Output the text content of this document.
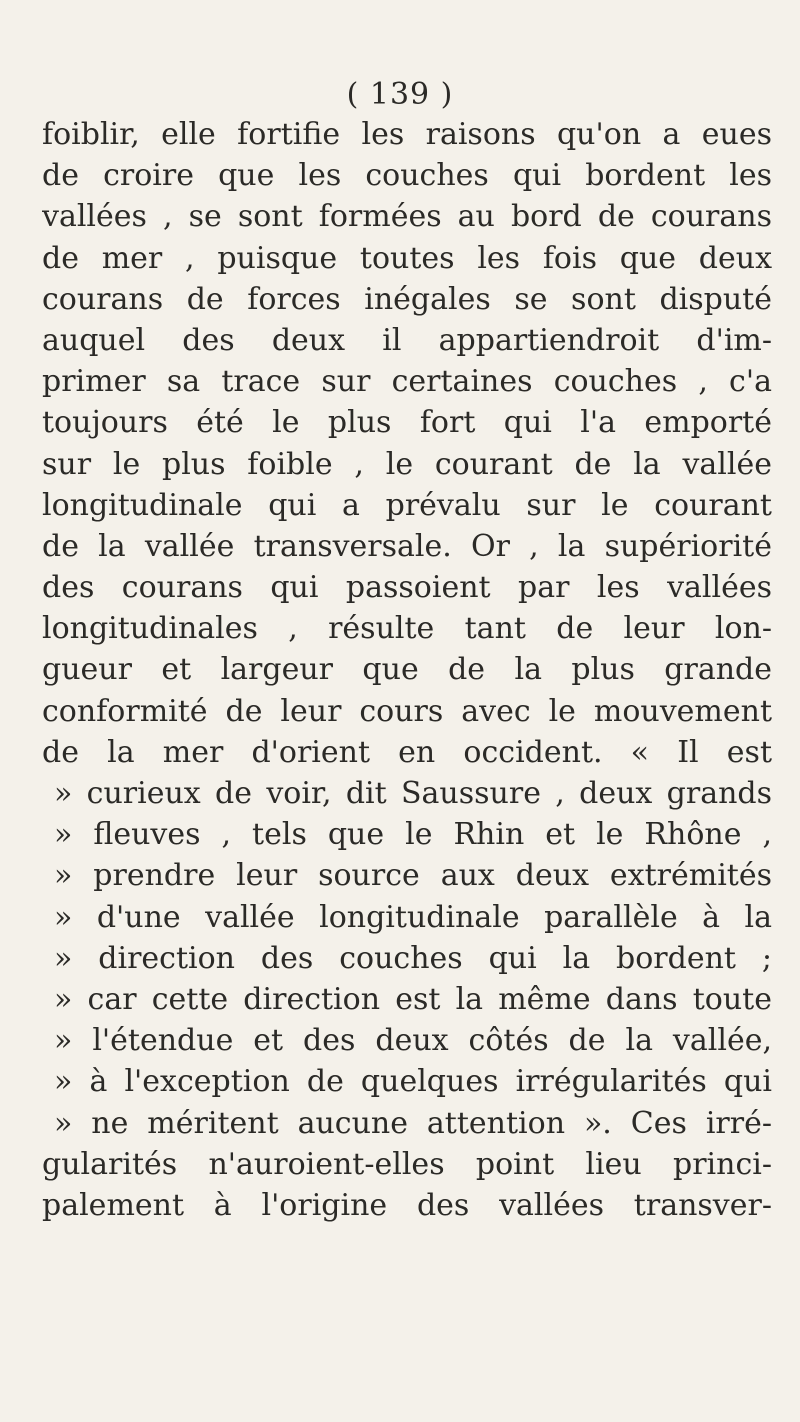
( 139 )
foiblir, elle fortifie les raisons qu'on a eues
de croire que les couches qui bordent les
vallées , se sont formées au bord de courans
de mer , puisque toutes les fois que deux
courans de forces inégales se sont disputé
auquel des deux il appartiendroit d'im-
primer sa trace sur certaines couches , c'a
toujours été le plus fort qui l'a emporté
sur le plus foible , le courant de la vallée
longitudinale qui a prévalu sur le courant
de la vallée transversale. Or , la supériorité
des courans qui passoient par les vallées
longitudinales , résulte tant de leur lon-
gueur et largeur que de la plus grande
conformité de leur cours avec le mouvement
de la mer d'orient en occident. « Il est
» curieux de voir, dit Saussure , deux grands
» fleuves , tels que le Rhin et le Rhône ,
» prendre leur source aux deux extrémités
» d'une vallée longitudinale parallèle à la
» direction des couches qui la bordent ;
» car cette direction est la même dans toute
» l'étendue et des deux côtés de la vallée,
» à l'exception de quelques irrégularités qui
» ne méritent aucune attention ». Ces irré-
gularités n'auroient-elles point lieu princi-
palement à l'origine des vallées transver-
